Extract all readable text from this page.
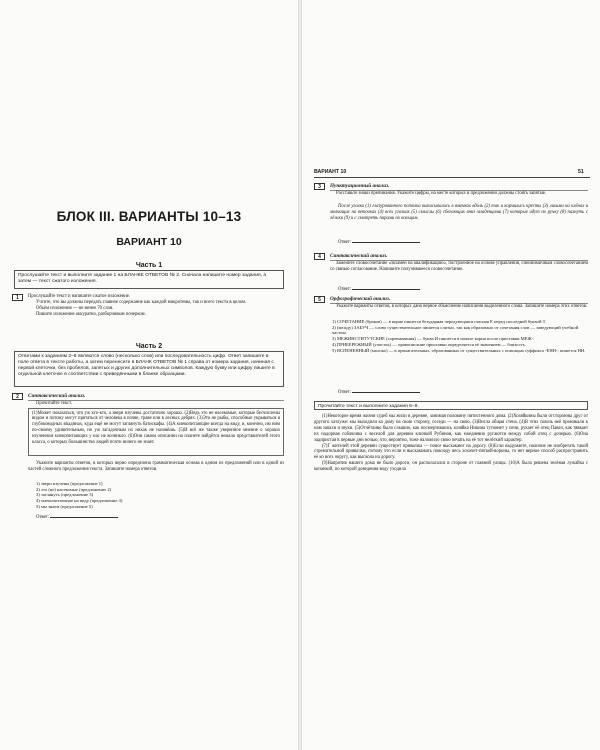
БЛОК III. ВАРИАНТЫ 10–13
ВАРИАНТ 10
Часть 1
Прослушайте текст и выполните задание 1 на БЛАНКЕ ОТВЕТОВ № 2. Сначала напишите номер задания, а затем — текст сжатого изложения.
1	Прослушайте текст и напишите сжатое изложение.
Учтите, что вы должны передать главное содержание как каждой микротемы, так и всего текста в целом.
Объём изложения — не менее 70 слов.
Пишите изложение аккуратно, разборчивым почерком.
Часть 2
Ответами к заданиям 2–8 являются слово (несколько слов) или последовательность цифр. Ответ запишите в поле ответа в тексте работы, а затем перенесите в БЛАНК ОТВЕТОВ № 1 справа от номера задания, начиная с первой клеточки, без пробелов, запятых и других дополнительных символов. Каждую букву или цифру пишите в отдельной клеточке в соответствии с приведёнными в бланке образцами.
2	Синтаксический анализ.
Прочитайте текст.
(1)Может показаться, что уж кто-кто, а звери изучены достаточно хорошо. (2)Ведь это не насекомые, которые бесчислены видом и потому могут прятаться от человека в почве, траве или в лесных дебрях. (3)Это не рыбы, способные укрываться в глубоководных впадинах, куда ещё не могут заглянуть батискафы. (4)А млекопитающие всегда на виду, и, конечно, им ним по-своему удивительным, но уж загадочным их никак не назовёшь. (5)И всё же также уверенное мнение о хорошо изученном млекопитающих у нас не возникло. (6)Они самом описании на планете найдётся немало представителей этого класса, о которых большинство людей почти ничего не знает.
Укажите варианты ответов, в которых верно определена грамматическая основа в одном из предложений или в одной из частей сложного предложения текста. Запишите номера ответов.
1) звери изучены (предложение 1)
2) это (не) насекомые (предложение 2)
3) заглянуть (предложение 3)
4) млекопитающие на виду (предложение 4)
5) мы знаем (предложение 5)
Ответ:
ВАРИАНТ 10	51
3	Пунктуационный анализ.
Расставьте знаки препинания. Укажите цифры, на месте которых в предложении должны стоять запятые.
После уголка (1) глазурованного потолка выписывались в ямочках вдоль (2) так и кормились кресты (3) лихими на клёнах и молчащих на веточках (4) всех уголках (5) смыслы (6) сбегающих вниз младенцами (7) которые идут по ручку (8) пахнуть с лёжки (9) и с смотреть парами по кольцам.
Ответ:
4	Синтаксический анализ.
Замените словосочетание «экзамен на квалификацию», построенное на основе управления, синонимичным словосочетанием со связью согласование. Напишите получившееся словосочетание.
Ответ:
5	Орфографический анализ.
Укажите варианты ответов, в которых дано верное объяснение написания выделенного слова. Запишите номера этих ответов.
1) СОЧЕТАНИЕ (браков) — в корне пишется безударная чередующаяся гласная Е перед последней буквой Т.
2) (между) ЗАБУЧ — слово существительное пишется слитно, так как образовано от сочетания слов — заведующий учебной частью.
3) МЕЖИНСТИТУТСКИЕ (соревнования) — буква И пишется в начале корня после приставки МЕЖ-.
4) ПРИБЕРЕЖНЫЙ (участок) — правописание приставки определяется её значением — близость.
5) ВСПЕНЕННЫЙ (молоко) — в прилагательных, образованных от существительных с помощью суффикса -ЕНН-, пишется НН.
Ответ:
Прочитайте текст и выполните задания 6–9.
(1)Некоторое время жизни судеб мы жили в деревне, занимая половину пятистенного дома. (2)Хозяйкины были отсторонны друг от другого хатлуже: мы выходили ко дому на свою сторону, соседи — на свою. (3)Висла общая стена. (4)В этих сквозь неё проникали к нам запахи и звуки. (5)Отчётливо было слышно, как посмертившись хозяйка Никина тутовнет у печи, рукает её отец Павел, как тявкает их надорная собачонка с веселой для деревни кличкой Рубинов, как ежедневно ругаются между собой отец с дочерью. (6)Она задиристая в первые дни ночью, что, вероятно, тоже наложило свою печать на её тот нелёгкий характер.
(7)Г жителей этой деревни существует привычка — повсе выскакают на дорогу. (8)Если выдумаете, наличие не изобретать такой стремительной привычки, потому что если и выскакивать повсюду весь хохочет-пяткой-вороны, то нет верное способ распространить её ко всех округу, как выскоча на дорогу.
(9)Напротив нашего дома не было дороги, он располагался в стороне от главной улицы. (10)А была решена зелёная лужайка с копанкой, по которой доведения воду уходила
